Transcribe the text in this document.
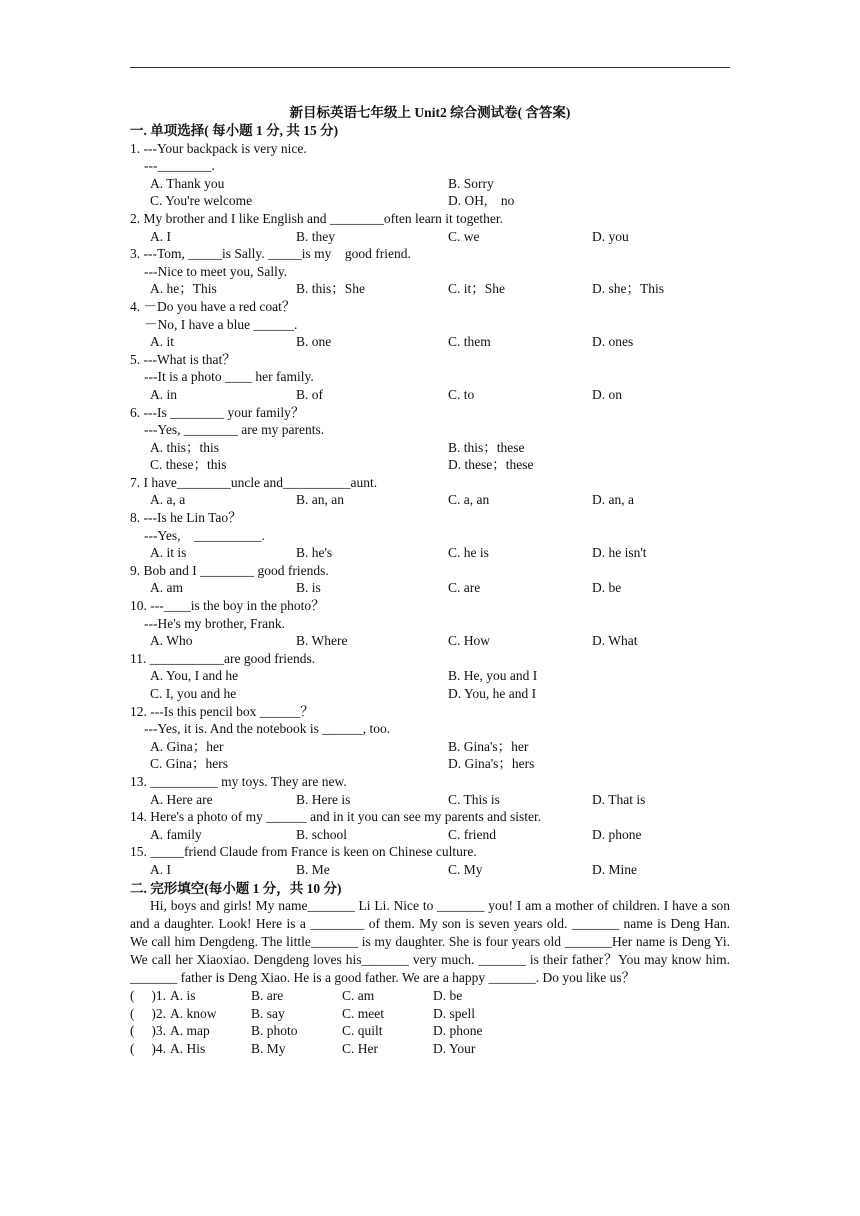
新目标英语七年级上 Unit2 综合测试卷( 含答案)
一. 单项选择( 每小题 1 分, 共 15 分)
1. ---Your backpack is very nice.
---________.
A. Thank you	B. Sorry
C. You're welcome	D. OH,　no
2. My brother and I like English and ________often learn it together.
A. I	B. they	C. we	D. you
3. ---Tom, _____is Sally. _____is my　good friend.
---Nice to meet you, Sally.
A. he；This	B. this；She	C. it；She	D. she；This
4. －Do you have a red coat？
－No, I have a blue ______.
A. it	B. one	C. them	D. ones
5. ---What is that？
---It is a photo ____ her family.
A. in	B. of	C. to	D. on
6. ---Is ________ your family？
---Yes, ________ are my parents.
A. this；this	B. this；these
C. these；this	D. these；these
7. I have________uncle and__________aunt.
A. a, a	B. an, an	C. a, an	D. an, a
8. ---Is he Lin Tao？
---Yes,　__________.
A. it is	B. he's	C. he is	D. he isn't
9. Bob and I ________ good friends.
A. am	B. is	C. are	D. be
10. ---____is the boy in the photo？
---He's my brother, Frank.
A. Who	B. Where	C. How	D. What
11. ___________are good friends.
A. You, I and he	B. He, you and I
C. I, you and he	D. You, he and I
12. ---Is this pencil box ______？
---Yes, it is. And the notebook is ______, too.
A. Gina；her	B. Gina's；her
C. Gina；hers	D. Gina's；hers
13. __________ my toys. They are new.
A. Here are	B. Here is	C. This is	D. That is
14. Here's a photo of my ______ and in it you can see my parents and sister.
A. family	B. school	C. friend	D. phone
15. _____friend Claude from France is keen on Chinese culture.
A. I	B. Me	C. My	D. Mine
二. 完形填空(每小题 1 分，共 10 分)

Hi, boys and girls! My name_______ Li Li. Nice to _______ you! I am a mother of children. I have a son and a daughter. Look! Here is a ________ of them. My son is seven years old. _______ name is Deng Han. We call him Dengdeng. The little_______ is my daughter. She is four years old _______Her name is Deng Yi. We call her Xiaoxiao. Dengdeng loves his_______ very much. _______ is their father？You may know him. _______ father is Deng Xiao. He is a good father. We are a happy _______. Do you like us？

(　 )1. A. is	B. are	C. am	D. be
(　 )2. A. know	B. say	C. meet	D. spell
(　 )3. A. map	B. photo	C. quilt	D. phone
(　 )4. A. His	B. My	C. Her	D. Your
